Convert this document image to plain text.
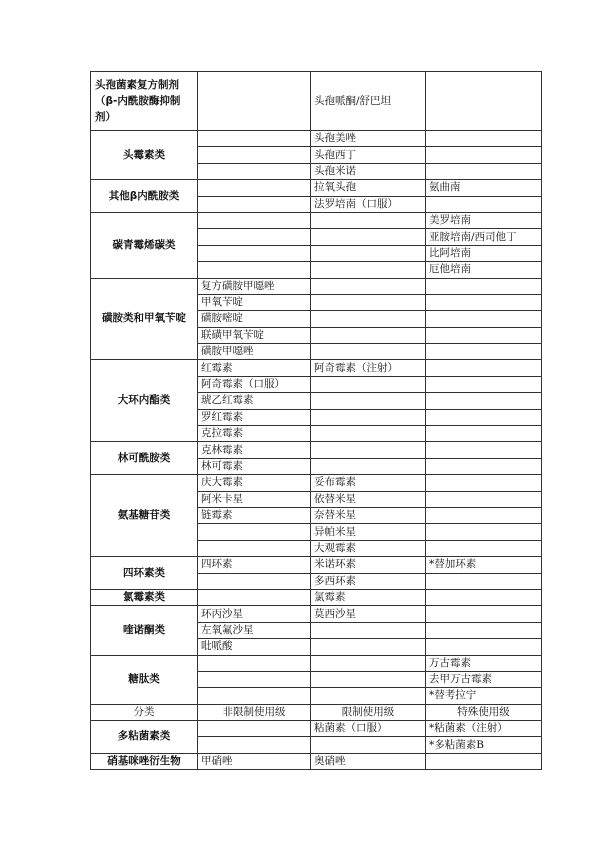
头孢菌素复方制剂（β-内酰胺酶抑制剂）		头孢哌酮/舒巴坦	
头霉素类		头孢美唑	
		头孢西丁	
		头孢米诺	
其他β内酰胺类		拉氧头孢	氨曲南
		法罗培南（口服）	
碳青霉烯碳类			美罗培南
			亚胺培南/西司他丁
			比阿培南
			厄他培南
磺胺类和甲氧苄啶	复方磺胺甲噁唑		
	甲氧苄啶		
	磺胺嘧啶		
	联磺甲氧苄啶		
	磺胺甲噁唑		
大环内酯类	红霉素	阿奇霉素（注射）	
	阿奇霉素（口服）		
	琥乙红霉素		
	罗红霉素		
	克拉霉素		
林可酰胺类	克林霉素		
	林可霉素		
氨基糖苷类	庆大霉素	妥布霉素	
	阿米卡星	依替米星	
	链霉素	奈替米星	
		异帕米星	
		大观霉素	
四环素类	四环素	米诺环素	*替加环素
		多西环素	
氯霉素类		氯霉素	
喹诺酮类	环丙沙星	莫西沙星	
	左氧氟沙星		
	吡哌酸		
糖肽类			万古霉素
			去甲万古霉素
			*替考拉宁
分类	非限制使用级	限制使用级	特殊使用级
多粘菌素类		粘菌素（口服）	*粘菌素（注射）
			*多粘菌素B
硝基咪唑衍生物	甲硝唑	奥硝唑	
